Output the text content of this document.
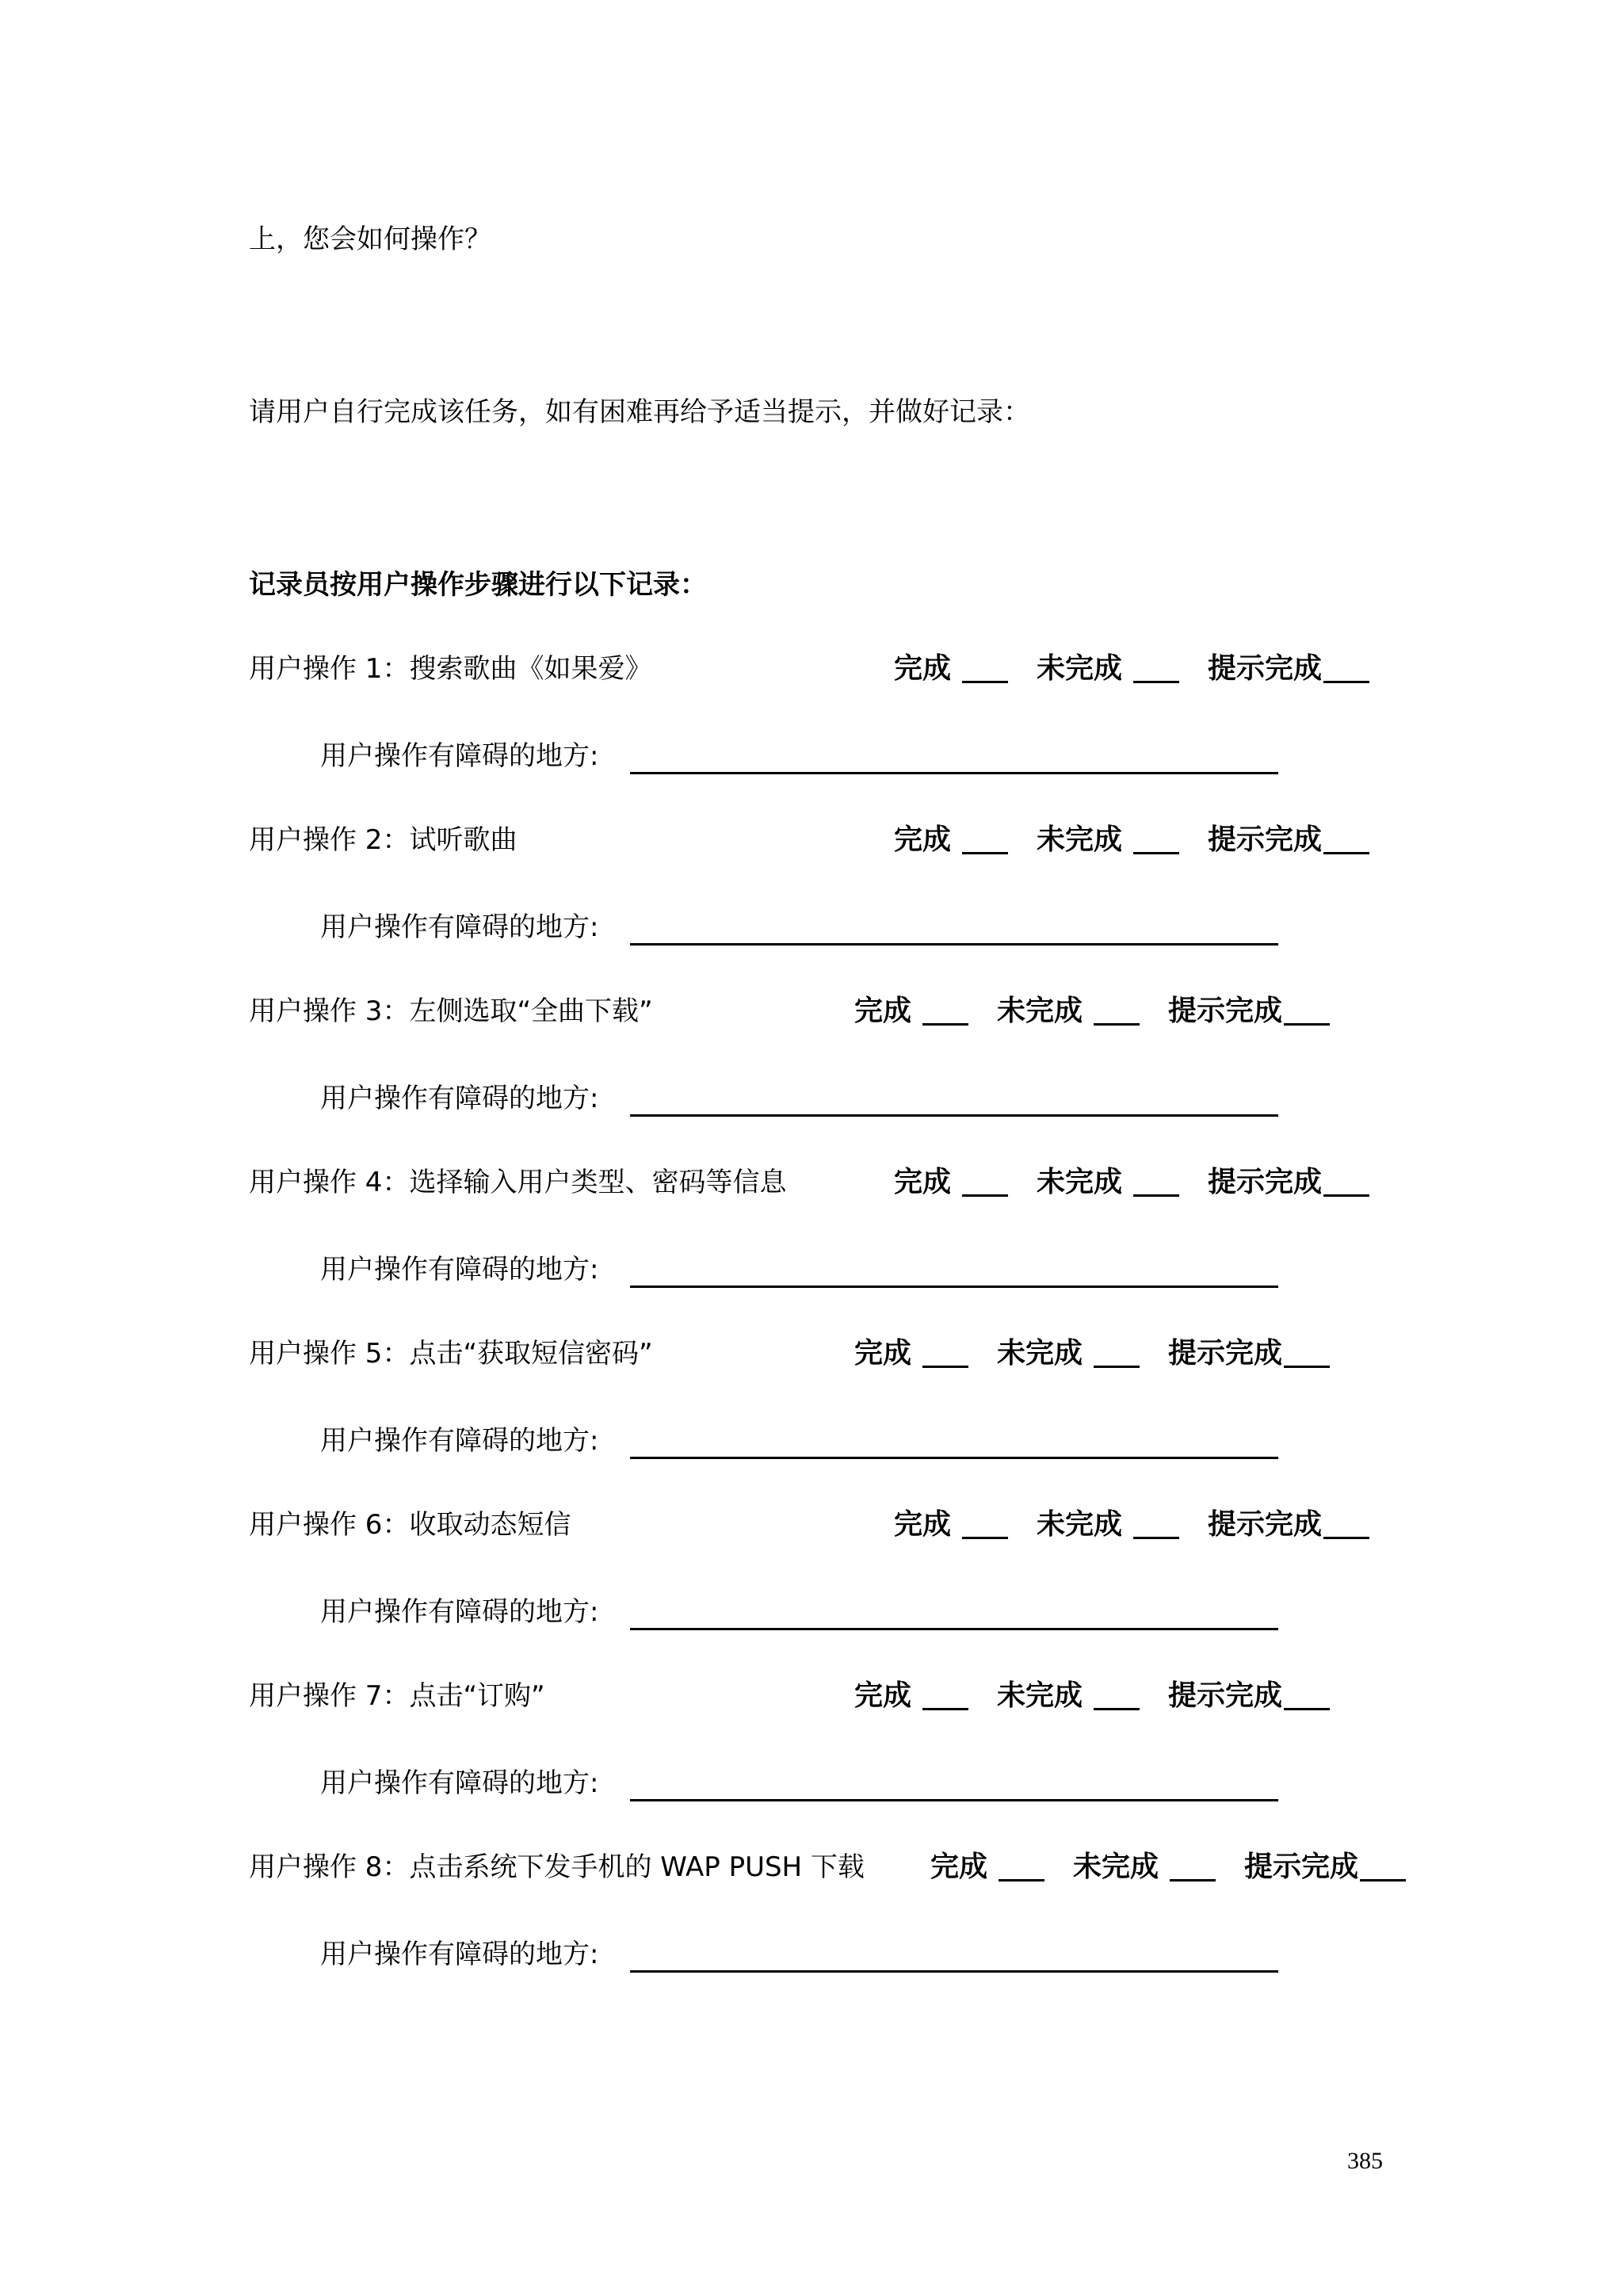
上，您会如何操作？
请用户自行完成该任务，如有困难再给予适当提示，并做好记录：
记录员按用户操作步骤进行以下记录：
用户操作 1：搜索歌曲《如果爱》	完成	未完成	提示完成
用户操作有障碍的地方:
用户操作 2：试听歌曲	完成	未完成	提示完成
用户操作有障碍的地方:
用户操作 3：左侧选取“全曲下载”	完成	未完成	提示完成
用户操作有障碍的地方:
用户操作 4：选择输入用户类型、密码等信息	完成	未完成	提示完成
用户操作有障碍的地方:
用户操作 5：点击“获取短信密码”	完成	未完成	提示完成
用户操作有障碍的地方:
用户操作 6：收取动态短信	完成	未完成	提示完成
用户操作有障碍的地方:
用户操作 7：点击“订购”	完成	未完成	提示完成
用户操作有障碍的地方:
用户操作 8：点击系统下发手机的 WAP PUSH 下载 完成	未完成	提示完成
用户操作有障碍的地方:
385
